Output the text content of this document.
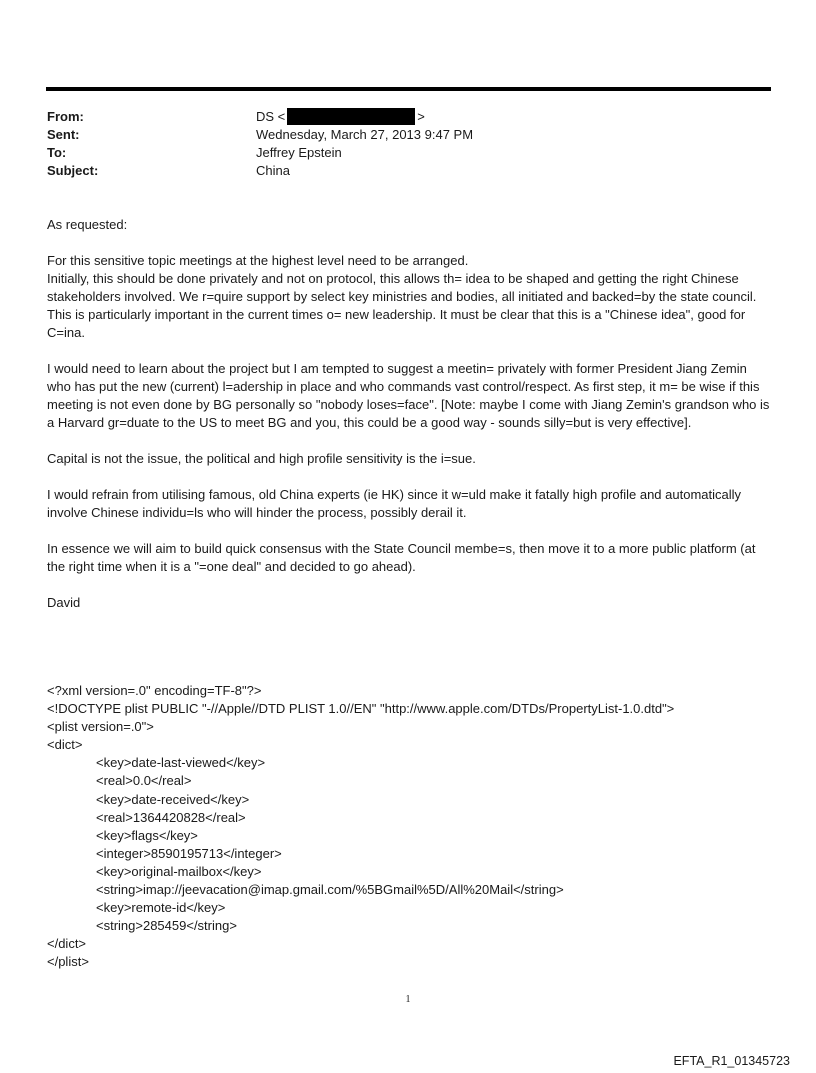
From:	DS <	>
Sent:	Wednesday, March 27, 2013 9:47 PM
To:	Jeffrey Epstein
Subject:	China

As requested:

For this sensitive topic meetings at the highest level need to be arranged.
Initially, this should be done privately and not on protocol, this allows th= idea to be shaped and getting the right Chinese stakeholders involved. We r=quire support by select key ministries and bodies, all initiated and backed=by the state council. This is particularly important in the current times o= new leadership. It must be clear that this is a "Chinese idea", good for C=ina.

I would need to learn about the project but I am tempted to suggest a meetin= privately with former President Jiang Zemin who has put the new (current) l=adership in place and who commands vast control/respect. As first step, it m= be wise if this meeting is not even done by BG personally so "nobody loses=face". [Note: maybe I come with Jiang Zemin's grandson who is a Harvard gr=duate to the US to meet BG and you, this could be a good way - sounds silly=but is very effective].

Capital is not the issue, the political and high profile sensitivity is the i=sue.

I would refrain from utilising famous, old China experts (ie HK) since it w=uld make it fatally high profile and automatically involve Chinese individu=ls who will hinder the process, possibly derail it.

In essence we will aim to build quick consensus with the State Council membe=s, then move it to a more public platform (at the right time when it is a "=one deal" and decided to go ahead).

David

<?xml version=.0" encoding=TF-8"?>
<!DOCTYPE plist PUBLIC "-//Apple//DTD PLIST 1.0//EN" "http://www.apple.com/DTDs/PropertyList-1.0.dtd">
<plist version=.0">
<dict>
<key>date-last-viewed</key>
<real>0.0</real>
<key>date-received</key>
<real>1364420828</real>
<key>flags</key>
<integer>8590195713</integer>
<key>original-mailbox</key>
<string>imap://jeevacation@imap.gmail.com/%5BGmail%5D/All%20Mail</string>
<key>remote-id</key>
<string>285459</string>
</dict>
</plist>
1
EFTA_R1_01345723
